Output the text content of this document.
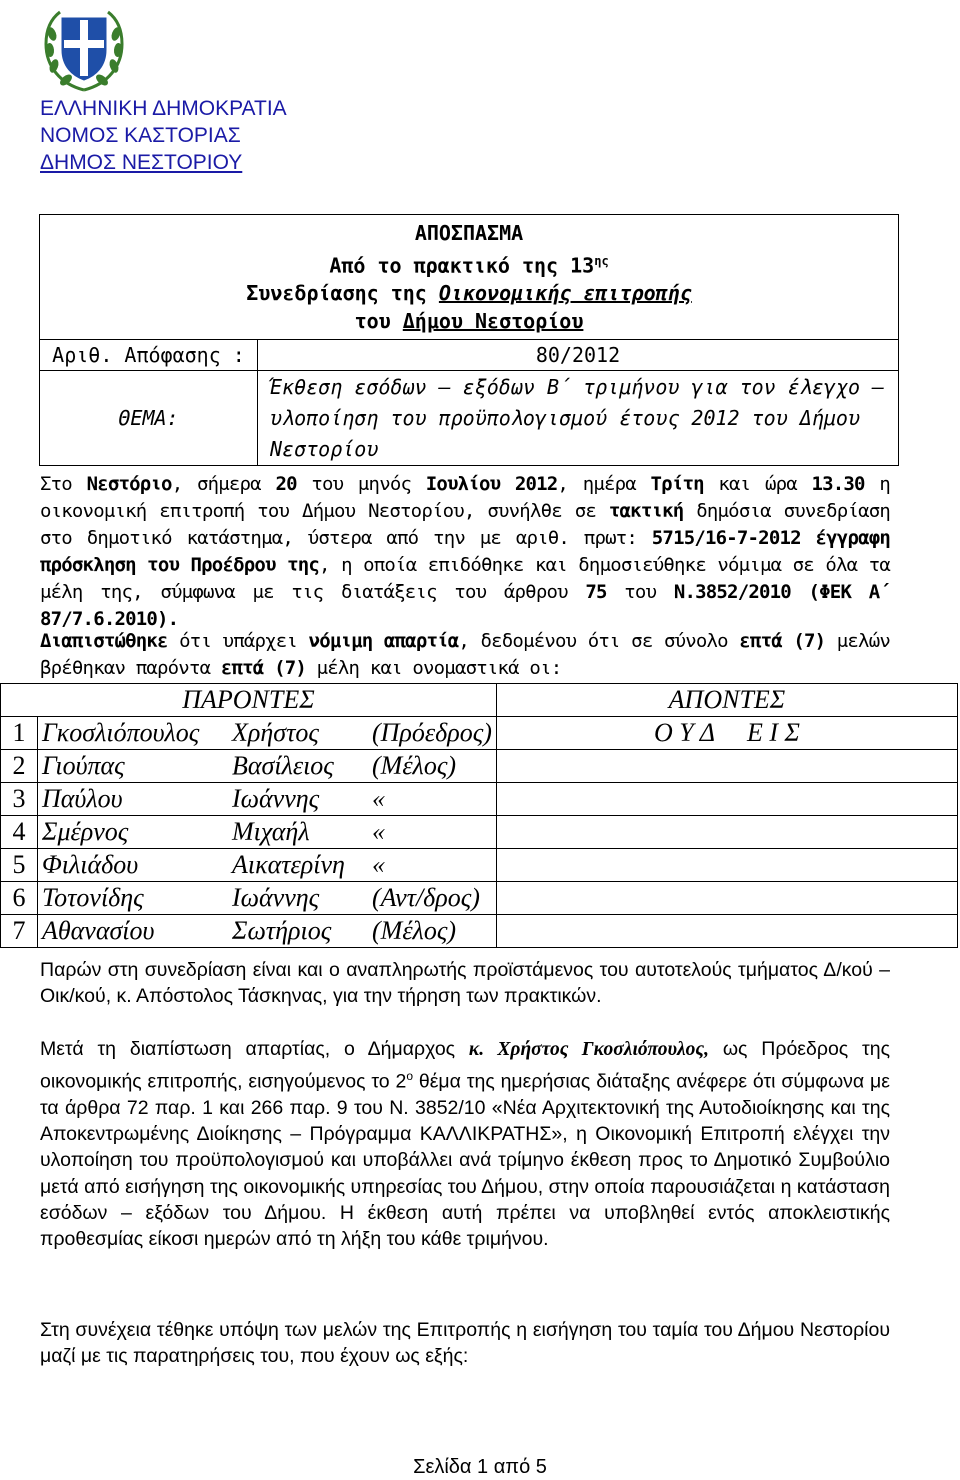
ΕΛΛΗΝΙΚΗ ΔΗΜΟΚΡΑΤΙΑ
ΝΟΜΟΣ ΚΑΣΤΟΡΙΑΣ
ΔΗΜΟΣ ΝΕΣΤΟΡΙΟΥ
ΑΠΟΣΠΑΣΜΑ
Από το πρακτικό της $13^{\eta\varsigma}$
Συνεδρίασης της Οικονομικής επιτροπής
του Δήμου Νεστορίου	

Αριθ. Απόφασης :	80/2012
ΘΕΜΑ:	Έκθεση εσόδων – εξόδων Β΄ τριμήνου για τον έλεγχο – υλοποίηση του προϋπολογισμού έτους 2012 του Δήμου Νεστορίου
Στο Νεστόριο, σήμερα 20 του μηνός Ιουλίου 2012, ημέρα Τρίτη και ώρα 13.30 η οικονομική επιτροπή του Δήμου Νεστορίου, συνήλθε σε τακτική δημόσια συνεδρίαση στο δημοτικό κατάστημα, ύστερα από την με αριθ. πρωτ: 5715/16-7-2012 έγγραφη πρόσκληση του Προέδρου της, η οποία επιδόθηκε και δημοσιεύθηκε νόμιμα σε όλα τα μέλη της, σύμφωνα με τις διατάξεις του άρθρου 75 του Ν.3852/2010 (ΦΕΚ Α΄ 87/7.6.2010).
Διαπιστώθηκε ότι υπάρχει νόμιμη απαρτία, δεδομένου ότι σε σύνολο επτά (7) μελών βρέθηκαν παρόντα επτά (7) μέλη και ονομαστικά οι:
ΠΑΡΟΝΤΕΣ		ΑΠΟΝΤΕΣ
1	Γκοσλιόπουλος Χρήστος (Πρόεδρος)	Ο Υ Δ     Ε Ι Σ
2	Γιούπας Βασίλειος (Μέλος)	
3	Παύλου Ιωάννης «	
4	Σμέρνος Μιχαήλ «	
5	Φιλιάδου Αικατερίνη «	
6	Τοτονίδης Ιωάννης (Αντ/δρος)	
7	Αθανασίου Σωτήριος (Μέλος)	
Παρών στη συνεδρίαση είναι και ο αναπληρωτής προϊστάμενος του αυτοτελούς τμήματος Δ/κού – Οικ/κού, κ. Απόστολος Τάσκηνας, για την τήρηση των πρακτικών.
Μετά τη διαπίστωση απαρτίας, ο Δήμαρχος κ. Χρήστος Γκοσλιόπουλος, ως Πρόεδρος της οικονομικής επιτροπής, εισηγούμενος το $2^o$ θέμα της ημερήσιας διάταξης ανέφερε ότι σύμφωνα με τα άρθρα 72 παρ. 1 και 266 παρ. 9 του Ν. 3852/10 «Νέα Αρχιτεκτονική της Αυτοδιοίκησης και της Αποκεντρωμένης Διοίκησης – Πρόγραμμα ΚΑΛΛΙΚΡΑΤΗΣ», η Οικονομική Επιτροπή ελέγχει την υλοποίηση του προϋπολογισμού και υποβάλλει ανά τρίμηνο έκθεση προς το Δημοτικό Συμβούλιο μετά από εισήγηση της οικονομικής υπηρεσίας του Δήμου, στην οποία παρουσιάζεται η κατάσταση εσόδων – εξόδων του Δήμου. Η έκθεση αυτή πρέπει να υποβληθεί εντός αποκλειστικής προθεσμίας είκοσι ημερών από τη λήξη του κάθε τριμήνου.
Στη συνέχεια τέθηκε υπόψη των μελών της Επιτροπής η εισήγηση του ταμία του Δήμου Νεστορίου μαζί με τις παρατηρήσεις του, που έχουν ως εξής:
Σελίδα 1 από 5
